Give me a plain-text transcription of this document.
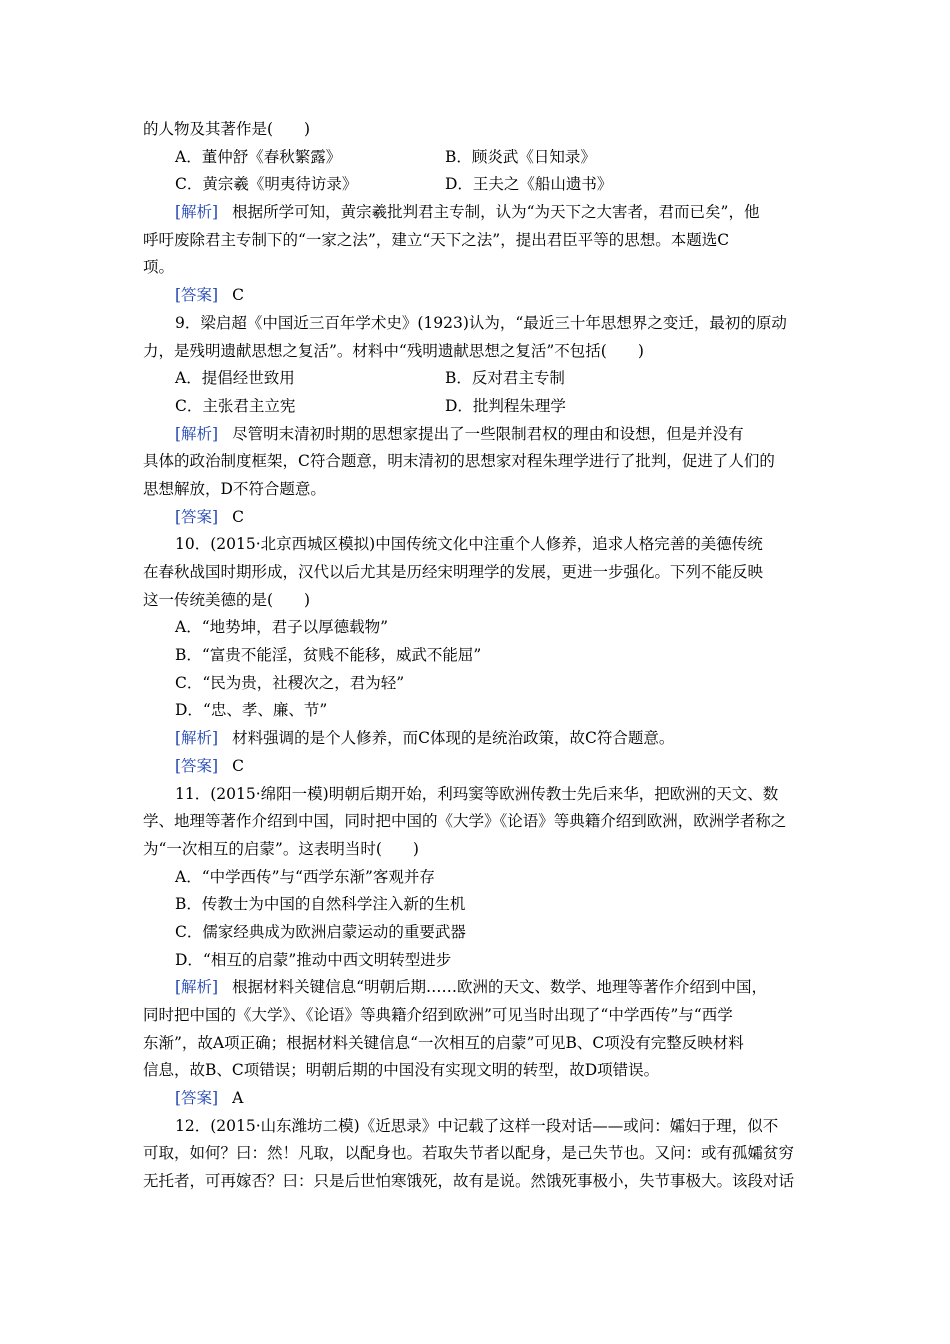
的人物及其著作是(　　)
A．董仲舒《春秋繁露》	B．顾炎武《日知录》
C．黄宗羲《明夷待访录》	D．王夫之《船山遗书》
[解析] 根据所学可知，黄宗羲批判君主专制，认为“为天下之大害者，君而已矣”，他
呼吁废除君主专制下的“一家之法”，建立“天下之法”，提出君臣平等的思想。本题选C
项。
[答案] C
9．梁启超《中国近三百年学术史》(1923)认为，“最近三十年思想界之变迁，最初的原动
力，是残明遗献思想之复活”。材料中“残明遗献思想之复活”不包括(　　)
A．提倡经世致用	B．反对君主专制
C．主张君主立宪	D．批判程朱理学
[解析] 尽管明末清初时期的思想家提出了一些限制君权的理由和设想，但是并没有
具体的政治制度框架，C符合题意，明末清初的思想家对程朱理学进行了批判，促进了人们的
思想解放，D不符合题意。
[答案] C
10．(2015·北京西城区模拟)中国传统文化中注重个人修养，追求人格完善的美德传统
在春秋战国时期形成，汉代以后尤其是历经宋明理学的发展，更进一步强化。下列不能反映
这一传统美德的是(　　)
A．“地势坤，君子以厚德载物”
B．“富贵不能淫，贫贱不能移，威武不能屈”
C．“民为贵，社稷次之，君为轻”
D．“忠、孝、廉、节”
[解析] 材料强调的是个人修养，而C体现的是统治政策，故C符合题意。
[答案] C
11．(2015·绵阳一模)明朝后期开始，利玛窦等欧洲传教士先后来华，把欧洲的天文、数
学、地理等著作介绍到中国，同时把中国的《大学》《论语》等典籍介绍到欧洲，欧洲学者称之
为“一次相互的启蒙”。这表明当时(　　)
A．“中学西传”与“西学东渐”客观并存
B．传教士为中国的自然科学注入新的生机
C．儒家经典成为欧洲启蒙运动的重要武器
D．“相互的启蒙”推动中西文明转型进步
[解析] 根据材料关键信息“明朝后期……欧洲的天文、数学、地理等著作介绍到中国，
同时把中国的《大学》、《论语》等典籍介绍到欧洲”可见当时出现了“中学西传”与“西学
东渐”，故A项正确；根据材料关键信息“一次相互的启蒙”可见B、C项没有完整反映材料
信息，故B、C项错误；明朝后期的中国没有实现文明的转型，故D项错误。
[答案] A
12．(2015·山东潍坊二模)《近思录》中记载了这样一段对话——或问：孀妇于理，似不
可取，如何？曰：然！凡取，以配身也。若取失节者以配身，是己失节也。又问：或有孤孀贫穷
无托者，可再嫁否？曰：只是后世怕寒饿死，故有是说。然饿死事极小，失节事极大。该段对话
